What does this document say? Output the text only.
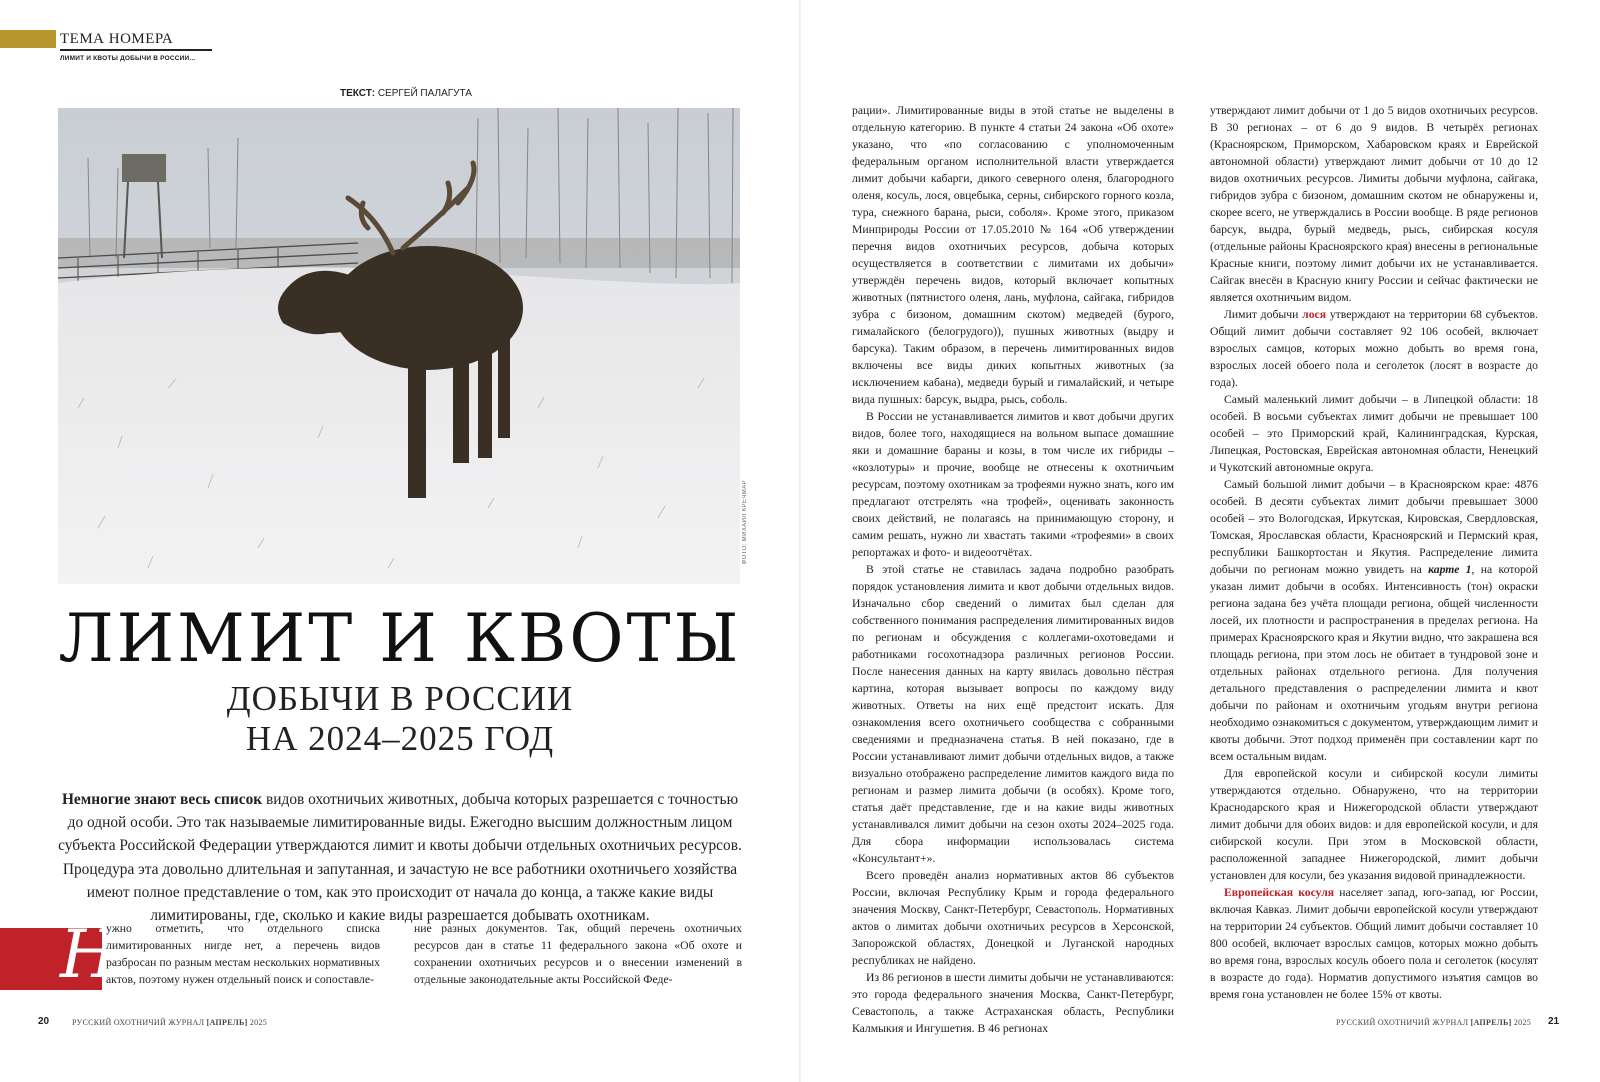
ТЕМА НОМЕРА
ЛИМИТ И КВОТЫ ДОБЫЧИ В РОССИИ...
ТЕКСТ: СЕРГЕЙ ПАЛАГУТА
ФОТО: МИХАИЛ КРЕЧМАР
ЛИМИТ И КВОТЫ
ДОБЫЧИ В РОССИИ
НА 2024–2025 ГОД
Немногие знают весь список видов охотничьих животных, добыча которых разрешается с точностью до одной особи. Это так называемые лимитированные виды. Ежегодно высшим должностным лицом субъекта Российской Федерации утверждаются лимит и квоты добычи отдельных охотничьих ресурсов. Процедура эта довольно длительная и запутанная, и зачастую не все работники охотничьего хозяйства имеют полное представление о том, как это происходит от начала до конца, а также какие виды лимитированы, где, сколько и какие виды разрешается добывать охотникам.
Н

ужно отметить, что отдельного списка лимитированных нигде нет, а перечень видов разбросан по разным местам нескольких нормативных актов, поэтому нужен отдельный поиск и сопоставле-

ние разных документов. Так, общий перечень охотничьих ресурсов дан в статье 11 федерального закона «Об охоте и сохранении охотничьих ресурсов и о внесении изменений в отдельные законодательные акты Российской Феде-

20	РУССКИЙ ОХОТНИЧИЙ ЖУРНАЛ [АПРЕЛЬ] 2025

рации». Лимитированные виды в этой статье не выделены в отдельную категорию. В пункте 4 статьи 24 закона «Об охоте» указано, что «по согласованию с уполномоченным федеральным органом исполнительной власти утверждается лимит добычи кабарги, дикого северного оленя, благородного оленя, косуль, лося, овцебыка, серны, сибирского горного козла, тура, снежного барана, рыси, соболя». Кроме этого, приказом Минприроды России от 17.05.2010 № 164 «Об утверждении перечня видов охотничьих ресурсов, добыча которых осуществляется в соответствии с лимитами их добычи» утверждён перечень видов, который включает копытных животных (пятнистого оленя, лань, муфлона, сайгака, гибридов зубра с бизоном, домашним скотом) медведей (бурого, гималайского (белогрудого)), пушных животных (выдру и барсука). Таким образом, в перечень лимитированных видов включены все виды диких копытных животных (за исключением кабана), медведи бурый и гималайский, и четыре вида пушных: барсук, выдра, рысь, соболь.

В России не устанавливается лимитов и квот добычи других видов, более того, находящиеся на вольном выпасе домашние яки и домашние бараны и козы, в том числе их гибриды – «козлотуры» и прочие, вообще не отнесены к охотничьим ресурсам, поэтому охотникам за трофеями нужно знать, кого им предлагают отстрелять «на трофей», оценивать законность своих действий, не полагаясь на принимающую сторону, и самим решать, нужно ли хвастать такими «трофеями» в своих репортажах и фото- и видеоотчётах.

В этой статье не ставилась задача подробно разобрать порядок установления лимита и квот добычи отдельных видов. Изначально сбор сведений о лимитах был сделан для собственного понимания распределения лимитированных видов по регионам и обсуждения с коллегами-охотоведами и работниками госохотнадзора различных регионов России. После нанесения данных на карту явилась довольно пёстрая картина, которая вызывает вопросы по каждому виду животных. Ответы на них ещё предстоит искать. Для ознакомления всего охотничьего сообщества с собранными сведениями и предназначена статья. В ней показано, где в России устанавливают лимит добычи отдельных видов, а также визуально отображено распределение лимитов каждого вида по регионам и размер лимита добычи (в особях). Кроме того, статья даёт представление, где и на какие виды животных устанавливался лимит добычи на сезон охоты 2024–2025 года. Для сбора информации использовалась система «Консультант+».

Всего проведён анализ нормативных актов 86 субъектов России, включая Республику Крым и города федерального значения Москву, Санкт-Петербург, Севастополь. Нормативных актов о лимитах добычи охотничьих ресурсов в Херсонской, Запорожской областях, Донецкой и Луганской народных республиках не найдено.

Из 86 регионов в шести лимиты добычи не устанавливаются: это города федерального значения Москва, Санкт-Петербург, Севастополь, а также Астраханская область, Республики Калмыкия и Ингушетия. В 46 регионах

утверждают лимит добычи от 1 до 5 видов охотничьих ресурсов. В 30 регионах – от 6 до 9 видов. В четырёх регионах (Красноярском, Приморском, Хабаровском краях и Еврейской автономной области) утверждают лимит добычи от 10 до 12 видов охотничьих ресурсов. Лимиты добычи муфлона, сайгака, гибридов зубра с бизоном, домашним скотом не обнаружены и, скорее всего, не утверждались в России вообще. В ряде регионов барсук, выдра, бурый медведь, рысь, сибирская косуля (отдельные районы Красноярского края) внесены в региональные Красные книги, поэтому лимит добычи их не устанавливается. Сайгак внесён в Красную книгу России и сейчас фактически не является охотничьим видом.

Лимит добычи лося утверждают на территории 68 субъектов. Общий лимит добычи составляет 92 106 особей, включает взрослых самцов, которых можно добыть во время гона, взрослых лосей обоего пола и сеголеток (лосят в возрасте до года).

Самый маленький лимит добычи – в Липецкой области: 18 особей. В восьми субъектах лимит добычи не превышает 100 особей – это Приморский край, Калининградская, Курская, Липецкая, Ростовская, Еврейская автономная области, Ненецкий и Чукотский автономные округа.

Самый большой лимит добычи – в Красноярском крае: 4876 особей. В десяти субъектах лимит добычи превышает 3000 особей – это Вологодская, Иркутская, Кировская, Свердловская, Томская, Ярославская области, Красноярский и Пермский края, республики Башкортостан и Якутия. Распределение лимита добычи по регионам можно увидеть на карте 1, на которой указан лимит добычи в особях. Интенсивность (тон) окраски региона задана без учёта площади региона, общей численности лосей, их плотности и распространения в пределах региона. На примерах Красноярского края и Якутии видно, что закрашена вся площадь региона, при этом лось не обитает в тундровой зоне и отдельных районах отдельного региона. Для получения детального представления о распределении лимита и квот добычи по районам и охотничьим угодьям внутри региона необходимо ознакомиться с документом, утверждающим лимит и квоты добычи. Этот подход применён при составлении карт по всем остальным видам.

Для европейской косули и сибирской косули лимиты утверждаются отдельно. Обнаружено, что на территории Краснодарского края и Нижегородской области утверждают лимит добычи для обоих видов: и для европейской косули, и для сибирской косули. При этом в Московской области, расположенной западнее Нижегородской, лимит добычи установлен для косули, без указания видовой принадлежности.

Европейская косуля населяет запад, юго-запад, юг России, включая Кавказ. Лимит добычи европейской косули утверждают на территории 24 субъектов. Общий лимит добычи составляет 10 800 особей, включает взрослых самцов, которых можно добыть во время гона, взрослых косуль обоего пола и сеголеток (косулят в возрасте до года). Норматив допустимого изъятия самцов во время гона установлен не более 15% от квоты.

РУССКИЙ ОХОТНИЧИЙ ЖУРНАЛ [АПРЕЛЬ] 2025 21
